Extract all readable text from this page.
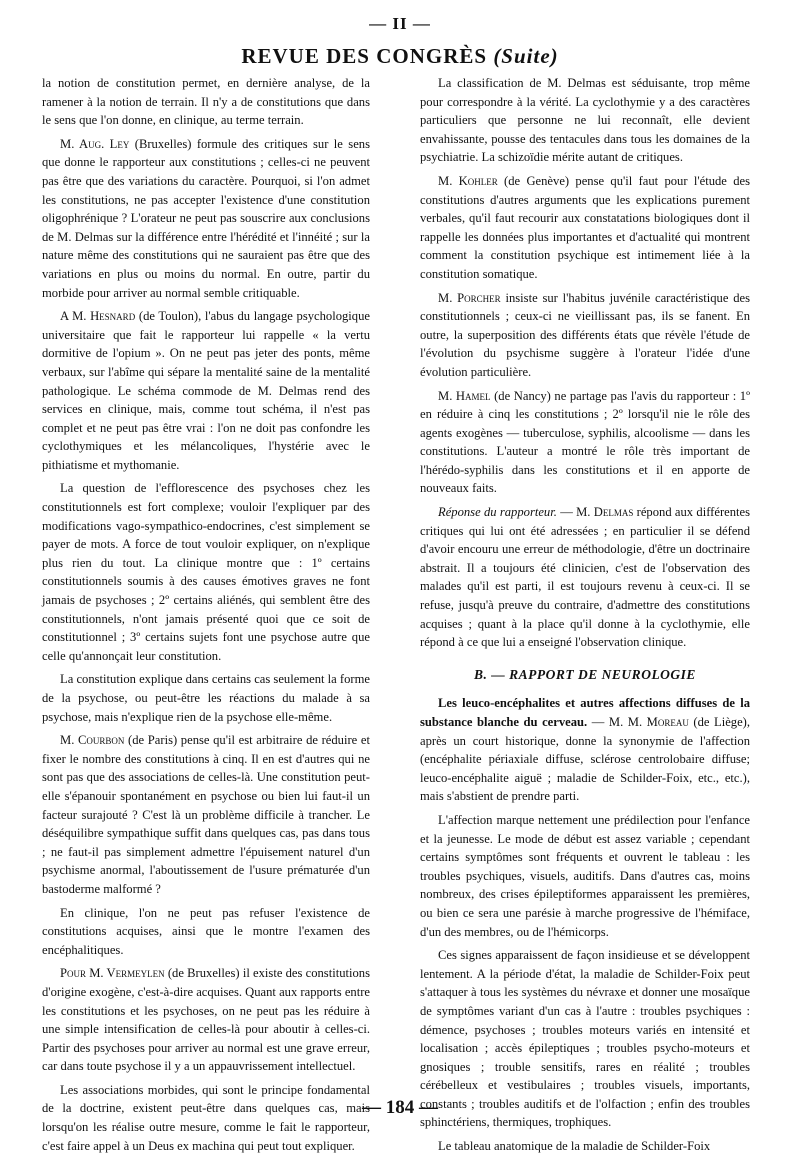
— II —
REVUE DES CONGRÈS (Suite)

la notion de constitution permet, en dernière analyse, de la ramener à la notion de terrain. Il n'y a de constitutions que dans le sens que l'on donne, en clinique, au terme terrain.

M. Aug. Ley (Bruxelles) formule des critiques sur le sens que donne le rapporteur aux constitutions ; celles-ci ne peuvent pas être que des variations du caractère. Pourquoi, si l'on admet les constitutions, ne pas accepter l'existence d'une constitution oligophrénique ? L'orateur ne peut pas souscrire aux conclusions de M. Delmas sur la différence entre l'hérédité et l'innéité ; sur la nature même des constitutions qui ne sauraient pas être que des variations en plus ou moins du normal. En outre, partir du morbide pour arriver au normal semble critiquable.

A M. Hesnard (de Toulon), l'abus du langage psychologique universitaire que fait le rapporteur lui rappelle « la vertu dormitive de l'opium ». On ne peut pas jeter des ponts, même verbaux, sur l'abîme qui sépare la mentalité saine de la mentalité pathologique. Le schéma commode de M. Delmas rend des services en clinique, mais, comme tout schéma, il n'est pas complet et ne peut pas être vrai : l'on ne doit pas confondre les cyclothymiques et les mélancoliques, l'hystérie avec le pithiatisme et mythomanie.

La question de l'efflorescence des psychoses chez les constitutionnels est fort complexe; vouloir l'expliquer par des modifications vago-sympathico-endocrines, c'est simplement se payer de mots. A force de tout vouloir expliquer, on n'explique plus rien du tout. La clinique montre que : 1º certains constitutionnels soumis à des causes émotives graves ne font jamais de psychoses ; 2º certains aliénés, qui semblent être des constitutionnels, n'ont jamais présenté quoi que ce soit de constitutionnel ; 3º certains sujets font une psychose autre que celle qu'annonçait leur constitution.

La constitution explique dans certains cas seulement la forme de la psychose, ou peut-être les réactions du malade à sa psychose, mais n'explique rien de la psychose elle-même.

M. Courbon (de Paris) pense qu'il est arbitraire de réduire et fixer le nombre des constitutions à cinq. Il en est d'autres qui ne sont pas que des associations de celles-là. Une constitution peut-elle s'épanouir spontanément en psychose ou bien lui faut-il un facteur surajouté ? C'est là un problème difficile à trancher. Le déséquilibre sympathique suffit dans quelques cas, pas dans tous ; ne faut-il pas simplement admettre l'épuisement naturel d'un psychisme anormal, l'aboutissement de l'usure prématurée d'un bastoderme malformé ?

En clinique, l'on ne peut pas refuser l'existence de constitutions acquises, ainsi que le montre l'examen des encéphalitiques.

Pour M. Vermeylen (de Bruxelles) il existe des constitutions d'origine exogène, c'est-à-dire acquises. Quant aux rapports entre les constitutions et les psychoses, on ne peut pas les réduire à une simple intensification de celles-là pour aboutir à celles-ci. Partir des psychoses pour arriver au normal est une grave erreur, car dans toute psychose il y a un appauvrissement intellectuel.

Les associations morbides, qui sont le principe fondamental de la doctrine, existent peut-être dans quelques cas, mais lorsqu'on les réalise outre mesure, comme le fait le rapporteur, c'est faire appel à un Deus ex machina qui peut tout expliquer.

La classification de M. Delmas est séduisante, trop même pour correspondre à la vérité. La cyclothymie y a des caractères particuliers que personne ne lui reconnaît, elle devient envahissante, pousse des tentacules dans tous les domaines de la psychiatrie. La schizoïdie mérite autant de critiques.

M. Kohler (de Genève) pense qu'il faut pour l'étude des constitutions d'autres arguments que les explications purement verbales, qu'il faut recourir aux constatations biologiques dont il rappelle les données plus importantes et d'actualité qui montrent comment la constitution psychique est intimement liée à la constitution somatique.

M. Porcher insiste sur l'habitus juvénile caractéristique des constitutionnels ; ceux-ci ne vieillissant pas, ils se fanent. En outre, la superposition des différents états que révèle l'étude de l'évolution du psychisme suggère à l'orateur l'idée d'une évolution particulière.

M. Hamel (de Nancy) ne partage pas l'avis du rapporteur : 1º en réduire à cinq les constitutions ; 2º lorsqu'il nie le rôle des agents exogènes — tuberculose, syphilis, alcoolisme — dans les constitutions. L'auteur a montré le rôle très important de l'hérédo-syphilis dans les constitutions et il en apporte de nouveaux faits.

Réponse du rapporteur. — M. Delmas répond aux différentes critiques qui lui ont été adressées ; en particulier il se défend d'avoir encouru une erreur de méthodologie, d'être un doctrinaire abstrait. Il a toujours été clinicien, c'est de l'observation des malades qu'il est parti, il est toujours revenu à ceux-ci. Il se refuse, jusqu'à preuve du contraire, d'admettre des constitutions acquises ; quant à la place qu'il donne à la cyclothymie, elle répond à ce que lui a enseigné l'observation clinique.

B. — RAPPORT DE NEUROLOGIE

Les leuco-encéphalites et autres affections diffuses de la substance blanche du cerveau. — M. M. Moreau (de Liège), après un court historique, donne la synonymie de l'affection (encéphalite périaxiale diffuse, sclérose centrolobaire diffuse; leuco-encéphalite aiguë ; maladie de Schilder-Foix, etc., etc.), mais s'abstient de prendre parti.

L'affection marque nettement une prédilection pour l'enfance et la jeunesse. Le mode de début est assez variable ; cependant certains symptômes sont fréquents et ouvrent le tableau : les troubles psychiques, visuels, auditifs. Dans d'autres cas, moins nombreux, des crises épileptiformes apparaissent les premières, ou bien ce sera une parésie à marche progressive de l'hémiface, d'un des membres, ou de l'hémicorps.

Ces signes apparaissent de façon insidieuse et se développent lentement. A la période d'état, la maladie de Schilder-Foix peut s'attaquer à tous les systèmes du névraxe et donner une mosaïque de symptômes variant d'un cas à l'autre : troubles psychiques : démence, psychoses ; troubles moteurs variés en intensité et localisation ; accès épileptiques ; troubles psycho-moteurs et gnosiques ; trouble sensitifs, rares en réalité ; troubles cérébelleux et vestibulaires ; troubles visuels, importants, constants ; troubles auditifs et de l'olfaction ; enfin des troubles sphinctériens, thermiques, trophiques.

Le tableau anatomique de la maladie de Schilder-Foix

— 184 —
